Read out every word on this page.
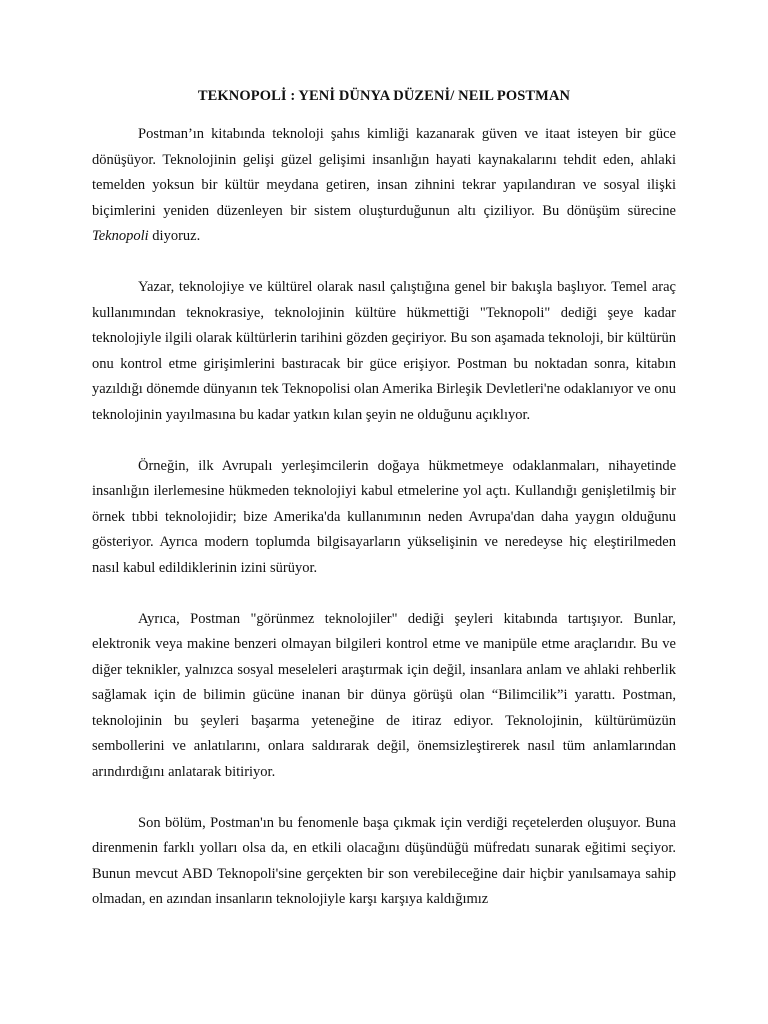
TEKNOPOLİ : YENİ DÜNYA DÜZENİ/ NEIL POSTMAN

Postman’ın kitabında teknoloji şahıs kimliği kazanarak güven ve itaat isteyen bir güce dönüşüyor. Teknolojinin gelişi güzel gelişimi insanlığın hayati kaynakalarını tehdit eden, ahlaki temelden yoksun bir kültür meydana getiren, insan zihnini tekrar yapılandıran ve sosyal ilişki biçimlerini yeniden düzenleyen bir sistem oluşturduğunun altı çiziliyor. Bu dönüşüm sürecine Teknopoli diyoruz.

Yazar, teknolojiye ve kültürel olarak nasıl çalıştığına genel bir bakışla başlıyor. Temel araç kullanımından teknokrasiye, teknolojinin kültüre hükmettiği "Teknopoli" dediği şeye kadar teknolojiyle ilgili olarak kültürlerin tarihini gözden geçiriyor. Bu son aşamada teknoloji, bir kültürün onu kontrol etme girişimlerini bastıracak bir güce erişiyor. Postman bu noktadan sonra, kitabın yazıldığı dönemde dünyanın tek Teknopolisi olan Amerika Birleşik Devletleri'ne odaklanıyor ve onu teknolojinin yayılmasına bu kadar yatkın kılan şeyin ne olduğunu açıklıyor.

Örneğin, ilk Avrupalı yerleşimcilerin doğaya hükmetmeye odaklanmaları, nihayetinde insanlığın ilerlemesine hükmeden teknolojiyi kabul etmelerine yol açtı. Kullandığı genişletilmiş bir örnek tıbbi teknolojidir; bize Amerika'da kullanımının neden Avrupa'dan daha yaygın olduğunu gösteriyor. Ayrıca modern toplumda bilgisayarların yükselişinin ve neredeyse hiç eleştirilmeden nasıl kabul edildiklerinin izini sürüyor.

Ayrıca, Postman "görünmez teknolojiler" dediği şeyleri kitabında tartışıyor. Bunlar, elektronik veya makine benzeri olmayan bilgileri kontrol etme ve manipüle etme araçlarıdır. Bu ve diğer teknikler, yalnızca sosyal meseleleri araştırmak için değil, insanlara anlam ve ahlaki rehberlik sağlamak için de bilimin gücüne inanan bir dünya görüşü olan “Bilimcilik”i yarattı. Postman, teknolojinin bu şeyleri başarma yeteneğine de itiraz ediyor. Teknolojinin, kültürümüzün sembollerini ve anlatılarını, onlara saldırarak değil, önemsizleştirerek nasıl tüm anlamlarından arındırdığını anlatarak bitiriyor.

Son bölüm, Postman'ın bu fenomenle başa çıkmak için verdiği reçetelerden oluşuyor. Buna direnmenin farklı yolları olsa da, en etkili olacağını düşündüğü müfredatı sunarak eğitimi seçiyor. Bunun mevcut ABD Teknopoli'sine gerçekten bir son verebileceğine dair hiçbir yanılsamaya sahip olmadan, en azından insanların teknolojiyle karşı karşıya kaldığımız
